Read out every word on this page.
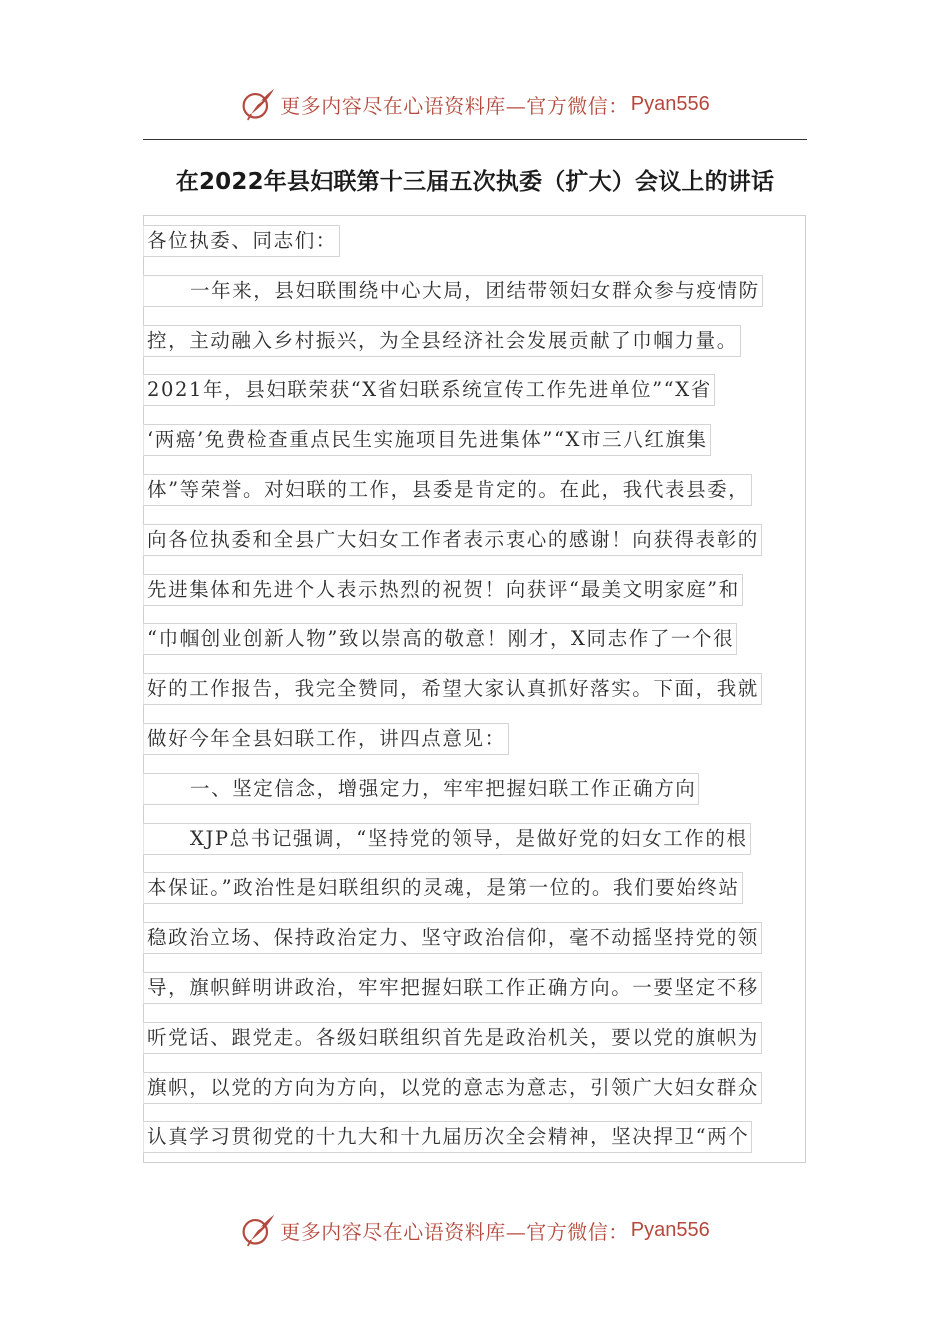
更多内容尽在心语资料库—官方微信： Pyan556
在2022年县妇联第十三届五次执委（扩大）会议上的讲话
各位执委、同志们：
一年来，县妇联围绕中心大局，团结带领妇女群众参与疫情防
控，主动融入乡村振兴，为全县经济社会发展贡献了巾帼力量。
2021年，县妇联荣获“X省妇联系统宣传工作先进单位”“X省
‘两癌’免费检查重点民生实施项目先进集体”“X市三八红旗集
体”等荣誉。对妇联的工作，县委是肯定的。在此，我代表县委，
向各位执委和全县广大妇女工作者表示衷心的感谢！向获得表彰的
先进集体和先进个人表示热烈的祝贺！向获评“最美文明家庭”和
“巾帼创业创新人物”致以崇高的敬意！刚才，X同志作了一个很
好的工作报告，我完全赞同，希望大家认真抓好落实。下面，我就
做好今年全县妇联工作，讲四点意见：
一、坚定信念，增强定力，牢牢把握妇联工作正确方向
XJP总书记强调，“坚持党的领导，是做好党的妇女工作的根
本保证。”政治性是妇联组织的灵魂，是第一位的。我们要始终站
稳政治立场、保持政治定力、坚守政治信仰，毫不动摇坚持党的领
导，旗帜鲜明讲政治，牢牢把握妇联工作正确方向。一要坚定不移
听党话、跟党走。各级妇联组织首先是政治机关，要以党的旗帜为
旗帜，以党的方向为方向，以党的意志为意志，引领广大妇女群众
认真学习贯彻党的十九大和十九届历次全会精神，坚决捍卫“两个
更多内容尽在心语资料库—官方微信： Pyan556
